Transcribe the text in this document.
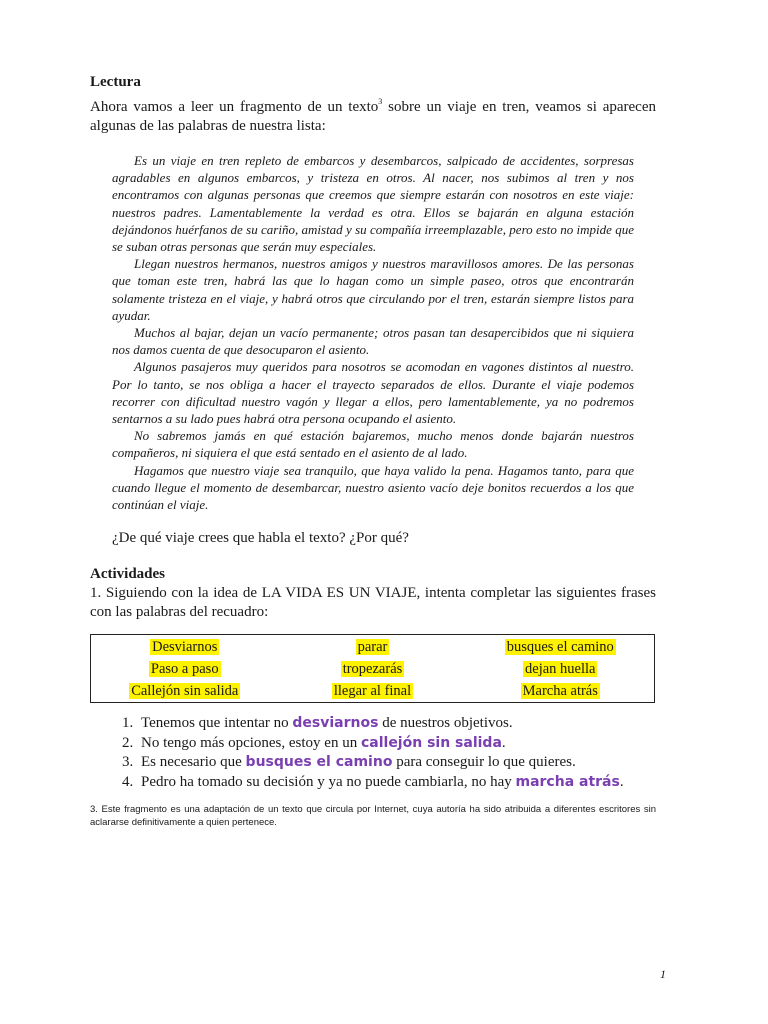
Lectura

Ahora vamos a leer un fragmento de un texto$^3$ sobre un viaje en tren, veamos si aparecen algunas de las palabras de nuestra lista:

Es un viaje en tren repleto de embarcos y desembarcos, salpicado de accidentes, sorpresas agradables en algunos embarcos, y tristeza en otros. Al nacer, nos subimos al tren y nos encontramos con algunas personas que creemos que siempre estarán con nosotros en este viaje: nuestros padres. Lamentablemente la verdad es otra. Ellos se bajarán en alguna estación dejándonos huérfanos de su cariño, amistad y su compañía irreemplazable, pero esto no impide que se suban otras personas que serán muy especiales.

Llegan nuestros hermanos, nuestros amigos y nuestros maravillosos amores. De las personas que toman este tren, habrá las que lo hagan como un simple paseo, otros que encontrarán solamente tristeza en el viaje, y habrá otros que circulando por el tren, estarán siempre listos para ayudar.

Muchos al bajar, dejan un vacío permanente; otros pasan tan desapercibidos que ni siquiera nos damos cuenta de que desocuparon el asiento.

Algunos pasajeros muy queridos para nosotros se acomodan en vagones distintos al nuestro. Por lo tanto, se nos obliga a hacer el trayecto separados de ellos. Durante el viaje podemos recorrer con dificultad nuestro vagón y llegar a ellos, pero lamentablemente, ya no podremos sentarnos a su lado pues habrá otra persona ocupando el asiento.

No sabremos jamás en qué estación bajaremos, mucho menos donde bajarán nuestros compañeros, ni siquiera el que está sentado en el asiento de al lado.

Hagamos que nuestro viaje sea tranquilo, que haya valido la pena. Hagamos tanto, para que cuando llegue el momento de desembarcar, nuestro asiento vacío deje bonitos recuerdos a los que continúan el viaje.

¿De qué viaje crees que habla el texto? ¿Por qué?

Actividades

1. Siguiendo con la idea de LA VIDA ES UN VIAJE, intenta completar las siguientes frases con las palabras del recuadro:

Desviarnos	parar	busques el camino
Paso a paso	tropezarás	dejan huella
Callejón sin salida	llegar al final	Marcha atrás
1. Tenemos que intentar no desviarnos de nuestros objetivos.
2. No tengo más opciones, estoy en un callejón sin salida.
3. Es necesario que busques el camino para conseguir lo que quieres.
4. Pedro ha tomado su decisión y ya no puede cambiarla, no hay marcha atrás.
3. Este fragmento es una adaptación de un texto que circula por Internet, cuya autoría ha sido atribuida a diferentes escritores sin aclararse definitivamente a quien pertenece.
1
